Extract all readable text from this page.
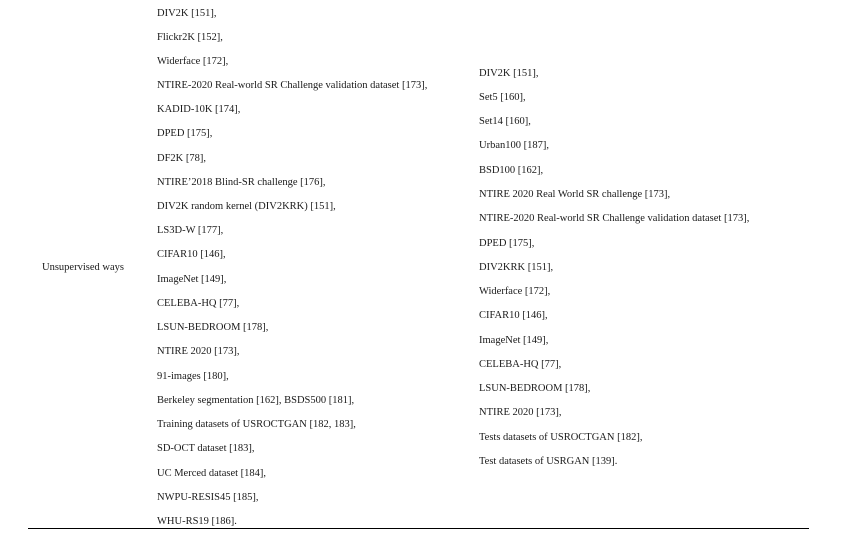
Unsupervised ways
DIV2K [151],
Flickr2K [152],
Widerface [172],
NTIRE-2020 Real-world SR Challenge validation dataset [173],
KADID-10K [174],
DPED [175],
DF2K [78],
NTIRE’2018 Blind-SR challenge [176],
DIV2K random kernel (DIV2KRK) [151],
LS3D-W [177],
CIFAR10 [146],
ImageNet [149],
CELEBA-HQ [77],
LSUN-BEDROOM [178],
NTIRE 2020 [173],
91-images [180],
Berkeley segmentation [162], BSDS500 [181],
Training datasets of USROCTGAN [182, 183],
SD-OCT dataset [183],
UC Merced dataset [184],
NWPU-RESIS45 [185],
WHU-RS19 [186].
DIV2K [151],
Set5 [160],
Set14 [160],
Urban100 [187],
BSD100 [162],
NTIRE 2020 Real World SR challenge [173],
NTIRE-2020 Real-world SR Challenge validation dataset [173],
DPED [175],
DIV2KRK [151],
Widerface [172],
CIFAR10 [146],
ImageNet [149],
CELEBA-HQ [77],
LSUN-BEDROOM [178],
NTIRE 2020 [173],
Tests datasets of USROCTGAN [182],
Test datasets of USRGAN [139].
